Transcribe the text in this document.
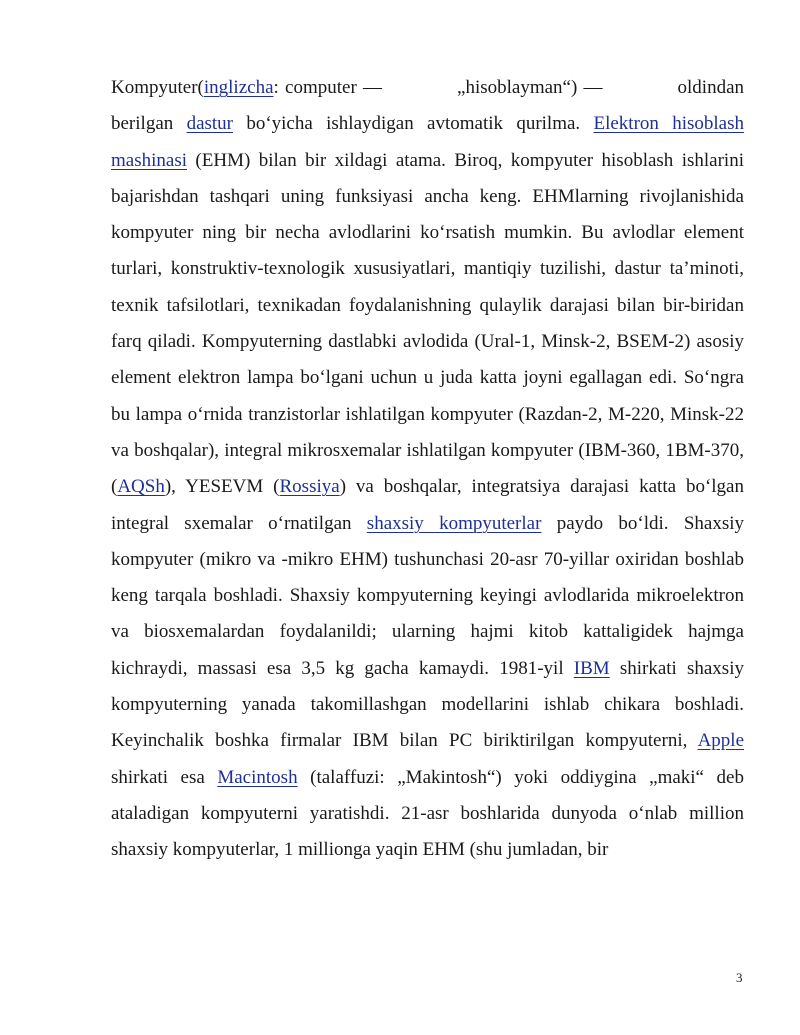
Kompyuter(inglizcha: computer —            „hisoblayman“) —            oldindan berilgan dastur bo‘yicha ishlaydigan avtomatik qurilma. Elektron hisoblash mashinasi (EHM) bilan bir xildagi atama. Biroq, kompyuter hisoblash ishlarini bajarishdan tashqari uning funksiyasi ancha keng. EHMlarning rivojlanishida kompyuter ning bir necha avlodlarini ko‘rsatish mumkin. Bu avlodlar element turlari, konstruktiv-texnologik xususiyatlari, mantiqiy tuzilishi, dastur ta’minoti, texnik tafsilotlari, texnikadan foydalanishning qulaylik darajasi bilan bir-biridan farq qiladi. Kompyuterning dastlabki avlodida (Ural-1, Minsk-2, BSEM-2) asosiy element elektron lampa bo‘lgani uchun u juda katta joyni egallagan edi. So‘ngra bu lampa o‘rnida tranzistorlar ishlatilgan kompyuter (Razdan-2, M-220, Minsk-22 va boshqalar), integral mikrosxemalar ishlatilgan kompyuter (IBM-360, 1BM-370, (AQSh), YESEVM (Rossiya) va boshqalar, integratsiya darajasi katta bo‘lgan integral sxemalar o‘rnatilgan shaxsiy kompyuterlar paydo bo‘ldi. Shaxsiy kompyuter (mikro va -mikro EHM) tushunchasi 20-asr 70-yillar oxiridan boshlab keng tarqala boshladi. Shaxsiy kompyuterning keyingi avlodlarida mikroelektron va biosxemalardan foydalanildi; ularning hajmi kitob kattaligidek hajmga kichraydi, massasi esa 3,5 kg gacha kamaydi. 1981-yil IBM shirkati shaxsiy kompyuterning yanada takomillashgan modellarini ishlab chikara boshladi. Keyinchalik boshka firmalar IBM bilan PC biriktirilgan kompyuterni, Apple shirkati esa Macintosh (talaffuzi: „Makintosh“) yoki oddiygina „maki“ deb ataladigan kompyuterni yaratishdi. 21-asr boshlarida dunyoda o‘nlab million shaxsiy kompyuterlar, 1 millionga yaqin EHM (shu jumladan, bir

3
